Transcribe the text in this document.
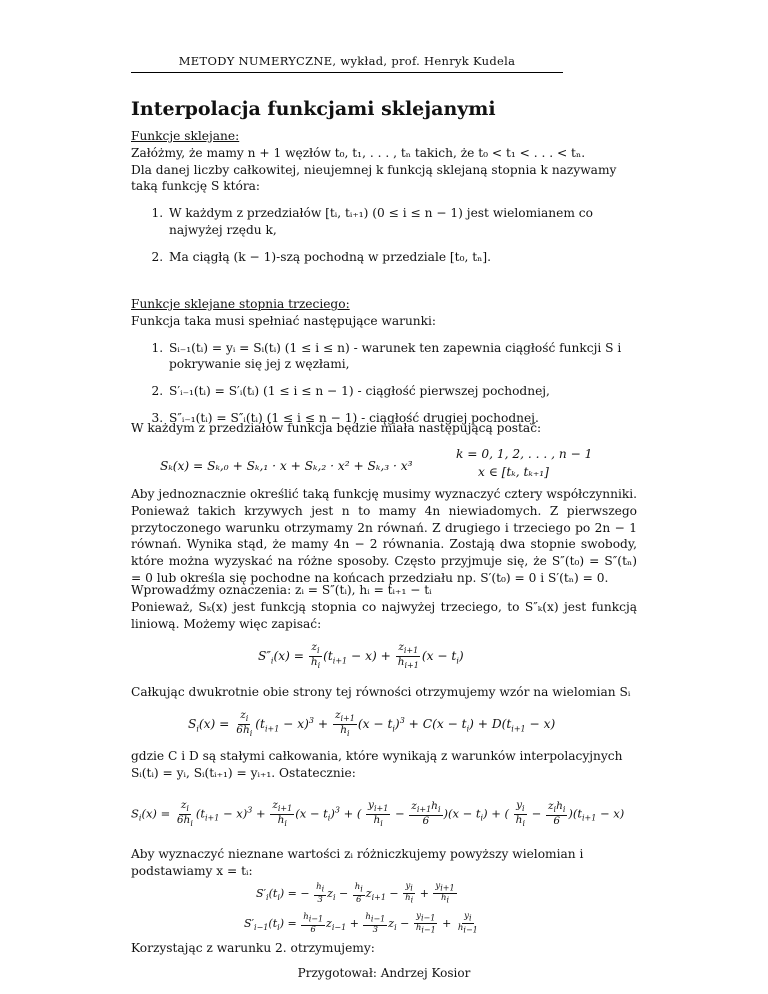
METODY NUMERYCZNE, wykład, prof. Henryk Kudela
Interpolacja funkcjami sklejanymi
Funkcje sklejane:
Załóżmy, że mamy n + 1 węzłów t₀, t₁, . . . , tₙ takich, że t₀ < t₁ < . . . < tₙ.
Dla danej liczby całkowitej, nieujemnej k funkcją sklejaną stopnia k nazywamy taką funkcję S która:
1. W każdym z przedziałów [tᵢ, tᵢ₊₁) (0 ≤ i ≤ n − 1) jest wielomianem co najwyżej rzędu k,
2. Ma ciągłą (k − 1)-szą pochodną w przedziale [t₀, tₙ].
Funkcje sklejane stopnia trzeciego:
Funkcja taka musi spełniać następujące warunki:
1. Sᵢ₋₁(tᵢ) = yᵢ = Sᵢ(tᵢ) (1 ≤ i ≤ n) - warunek ten zapewnia ciągłość funkcji S i pokrywanie się jej z węzłami,
2. S′ᵢ₋₁(tᵢ) = S′ᵢ(tᵢ) (1 ≤ i ≤ n − 1) - ciągłość pierwszej pochodnej,
3. S″ᵢ₋₁(tᵢ) = S″ᵢ(tᵢ) (1 ≤ i ≤ n − 1) - ciągłość drugiej pochodnej.
W każdym z przedziałów funkcja będzie miała następującą postać:
Sₖ(x) = Sₖ,₀ + Sₖ,₁ · x + Sₖ,₂ · x² + Sₖ,₃ · x³
k = 0, 1, 2, . . . , n − 1
x ∈ [tₖ, tₖ₊₁]
Aby jednoznacznie określić taką funkcję musimy wyznaczyć cztery współczynniki. Ponieważ takich krzywych jest n to mamy 4n niewiadomych. Z pierwszego przytoczonego warunku otrzymamy 2n równań. Z drugiego i trzeciego po 2n − 1 równań. Wynika stąd, że mamy 4n − 2 równania. Zostają dwa stopnie swobody, które można wyzyskać na różne sposoby. Często przyjmuje się, że S″(t₀) = S″(tₙ) = 0 lub określa się pochodne na końcach przedziału np. S′(t₀) = 0 i S′(tₙ) = 0.
Wprowadźmy oznaczenia: zᵢ = S″(tᵢ), hᵢ = tᵢ₊₁ − tᵢ
Ponieważ, Sₖ(x) jest funkcją stopnia co najwyżej trzeciego, to S″ₖ(x) jest funkcją liniową. Możemy więc zapisać:
$S''_i(x) = \frac{z_i}{h_i} (t_{i+1} - x) + \frac{z_{i+1}}{h_{i+1}} (x - t_i)$
Całkując dwukrotnie obie strony tej równości otrzymujemy wzór na wielomian Sᵢ
$S_i(x) = \frac{z_i}{6h_i} (t_{i+1} - x)^3 + \frac{z_{i+1}}{h_i} (x - t_i)^3 + C(x - t_i) + D(t_{i+1} - x)$
gdzie C i D są stałymi całkowania, które wynikają z warunków interpolacyjnych Sᵢ(tᵢ) = yᵢ, Sᵢ(tᵢ₊₁) = yᵢ₊₁. Ostatecznie:
$S_i(x) = \frac{z_i}{6h_i} (t_{i+1} - x)^3 + \frac{z_{i+1}}{h_i} (x - t_i)^3$ + ( $\frac{y_{i+1}}{h_i} - \frac{z_{i+1}h_i}{6} )(x - t_i)$ + ( $\frac{y_i}{h_i} - \frac{z_ih_i}{6} )(t_{i+1} - x)$
Aby wyznaczyć nieznane wartości zᵢ różniczkujemy powyższy wielomian i podstawiamy x = tᵢ:
$S'_i(t_i)$ = − $\frac{h_i}{3} z_i - \frac{h_i}{6} z_{i+1} - \frac{y_i}{h_i} + \frac{y_{i+1}}{h_i}$
$S'_{i-1}(t_i) = \frac{h_{i-1}}{6} z_{i-1} + \frac{h_{i-1}}{3} z_i - \frac{y_{i-1}}{h_{i-1}} + \frac{y_i}{h_{i-1}}$
Korzystając z warunku 2. otrzymujemy:
Przygotował: Andrzej Kosior
